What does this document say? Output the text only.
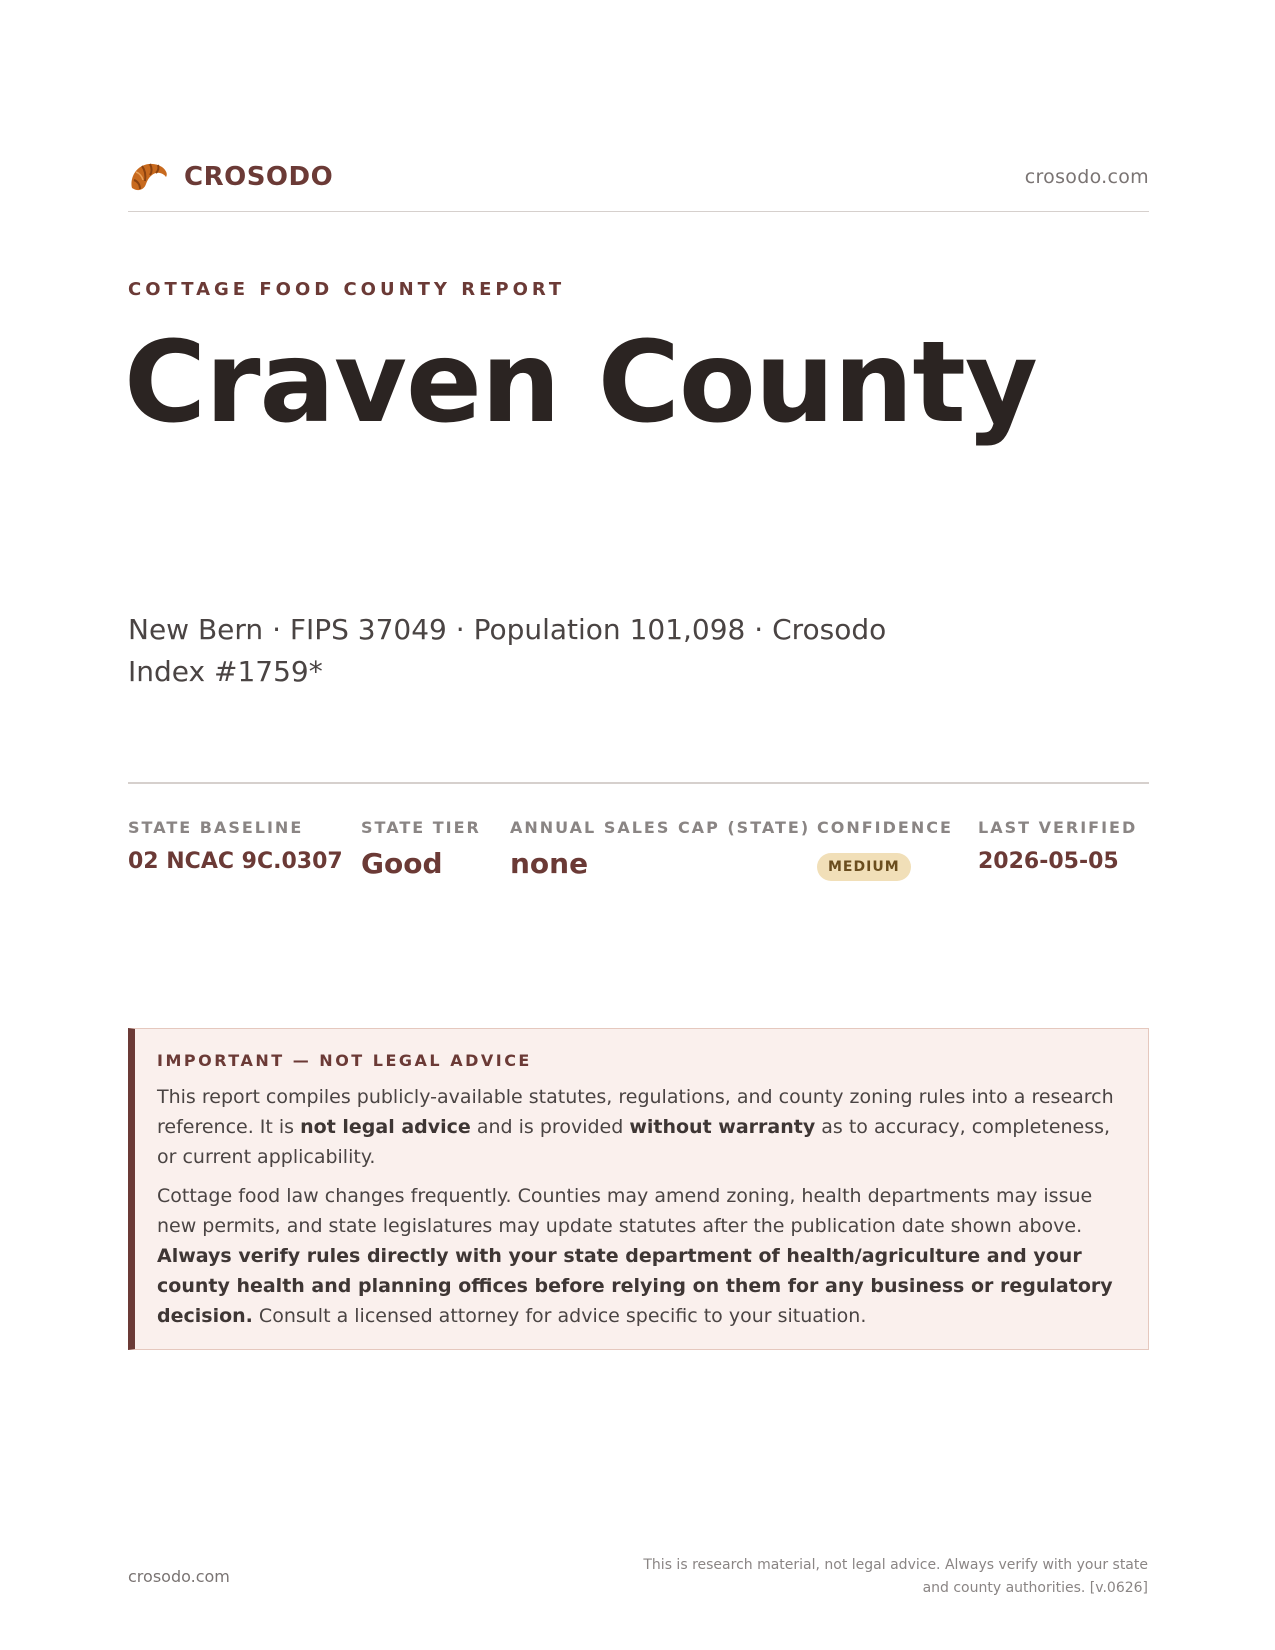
CROSODO	crosodo.com
COTTAGE FOOD COUNTY REPORT
Craven County
New Bern · FIPS 37049 · Population 101,098 · Crosodo Index #1759*
STATE BASELINE
02 NCAC 9C.0307
STATE TIER
Good
ANNUAL SALES CAP (STATE)
none
CONFIDENCE
MEDIUM
LAST VERIFIED
2026-05-05
IMPORTANT — NOT LEGAL ADVICE

This report compiles publicly-available statutes, regulations, and county zoning rules into a research reference. It is not legal advice and is provided without warranty as to accuracy, completeness, or current applicability.

Cottage food law changes frequently. Counties may amend zoning, health departments may issue new permits, and state legislatures may update statutes after the publication date shown above. Always verify rules directly with your state department of health/agriculture and your county health and planning offices before relying on them for any business or regulatory decision. Consult a licensed attorney for advice specific to your situation.

crosodo.com
This is research material, not legal advice. Always verify with your state
and county authorities. [v.0626]
